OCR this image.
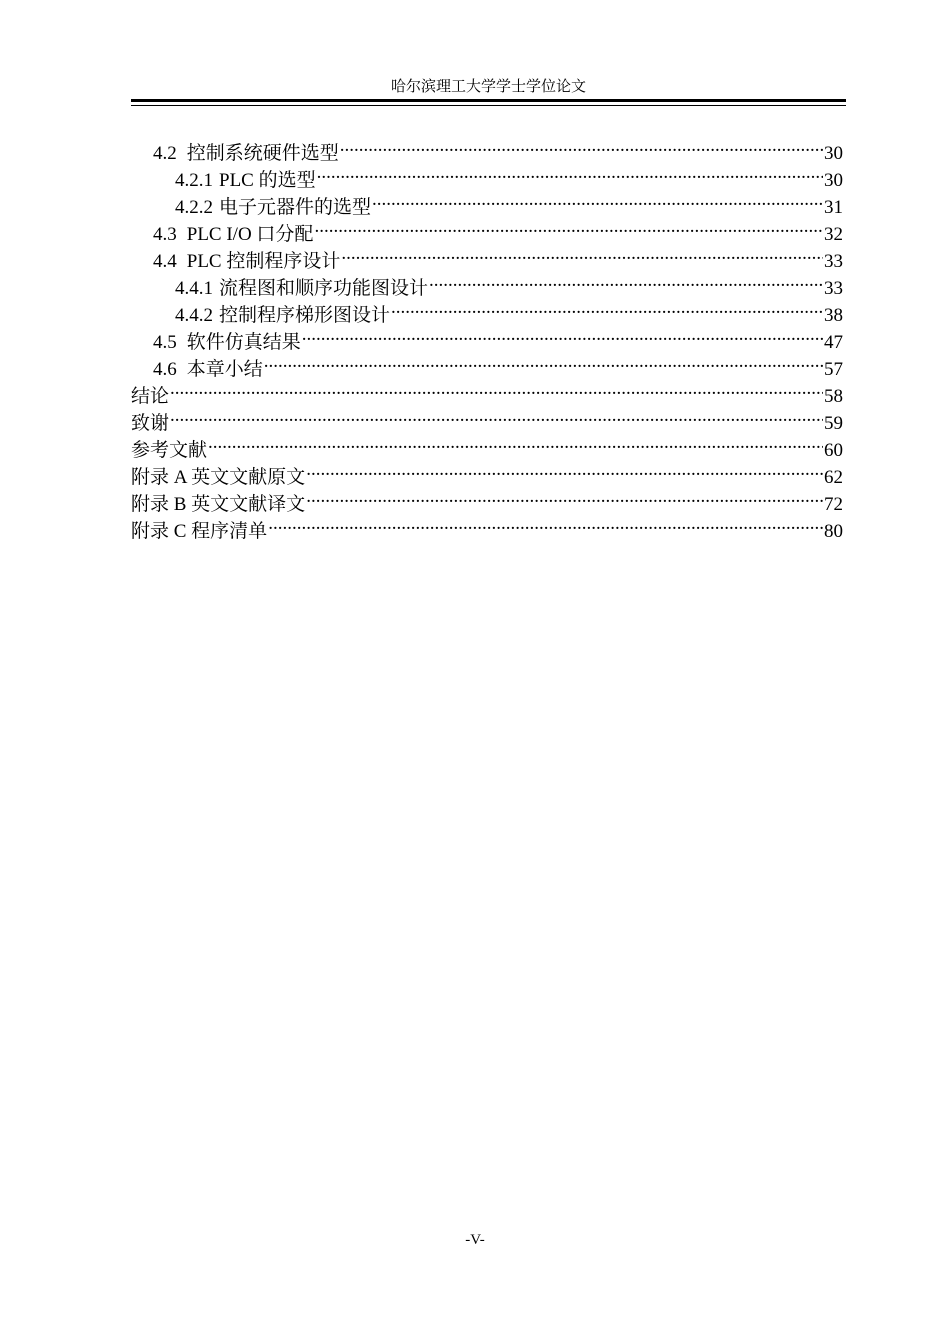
哈尔滨理工大学学士学位论文
4.2 控制系统硬件选型 .....	30
4.2.1 PLC 的选型 .....	30
4.2.2 电子元器件的选型 .....	31
4.3 PLC I/O 口分配 .....	32
4.4 PLC 控制程序设计 .....	33
4.4.1 流程图和顺序功能图设计 .....	33
4.4.2 控制程序梯形图设计 .....	38
4.5 软件仿真结果 .....	47
4.6 本章小结 .....	57
结论 .....	58
致谢 .....	59
参考文献 .....	60
附录 A 英文文献原文 .....	62
附录 B 英文文献译文 .....	72
附录 C 程序清单 .....	80
-V-
